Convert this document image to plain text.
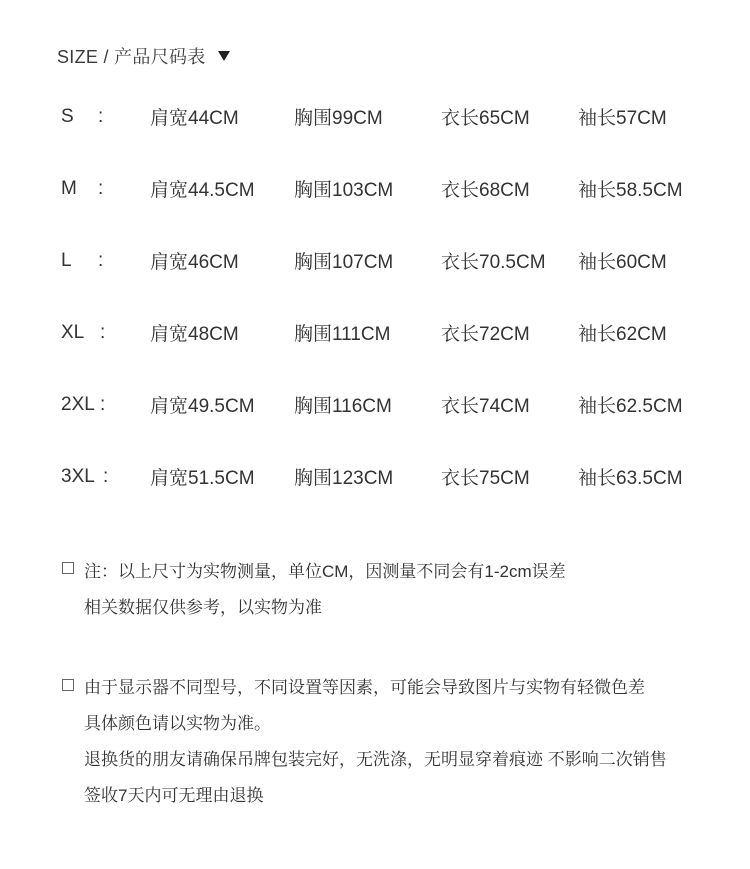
SIZE / 产品尺码表
S : 肩宽44CM	胸围99CM	衣长65CM	袖长57CM
M : 肩宽44.5CM 胸围103CM	衣长68CM	袖长58.5CM
L : 肩宽46CM	胸围107CM	衣长70.5CM 袖长60CM
XL : 肩宽48CM	胸围111CM	衣长72CM	袖长62CM
2XL : 肩宽49.5CM 胸围116CM	衣长74CM	袖长62.5CM
3XL : 肩宽51.5CM 胸围123CM	衣长75CM	袖长63.5CM
注：以上尺寸为实物测量，单位CM，因测量不同会有1-2cm误差
相关数据仅供参考，以实物为准
由于显示器不同型号，不同设置等因素，可能会导致图片与实物有轻微色差
具体颜色请以实物为准。
退换货的朋友请确保吊牌包装完好，无洗涤，无明显穿着痕迹 不影响二次销售
签收7天内可无理由退换
